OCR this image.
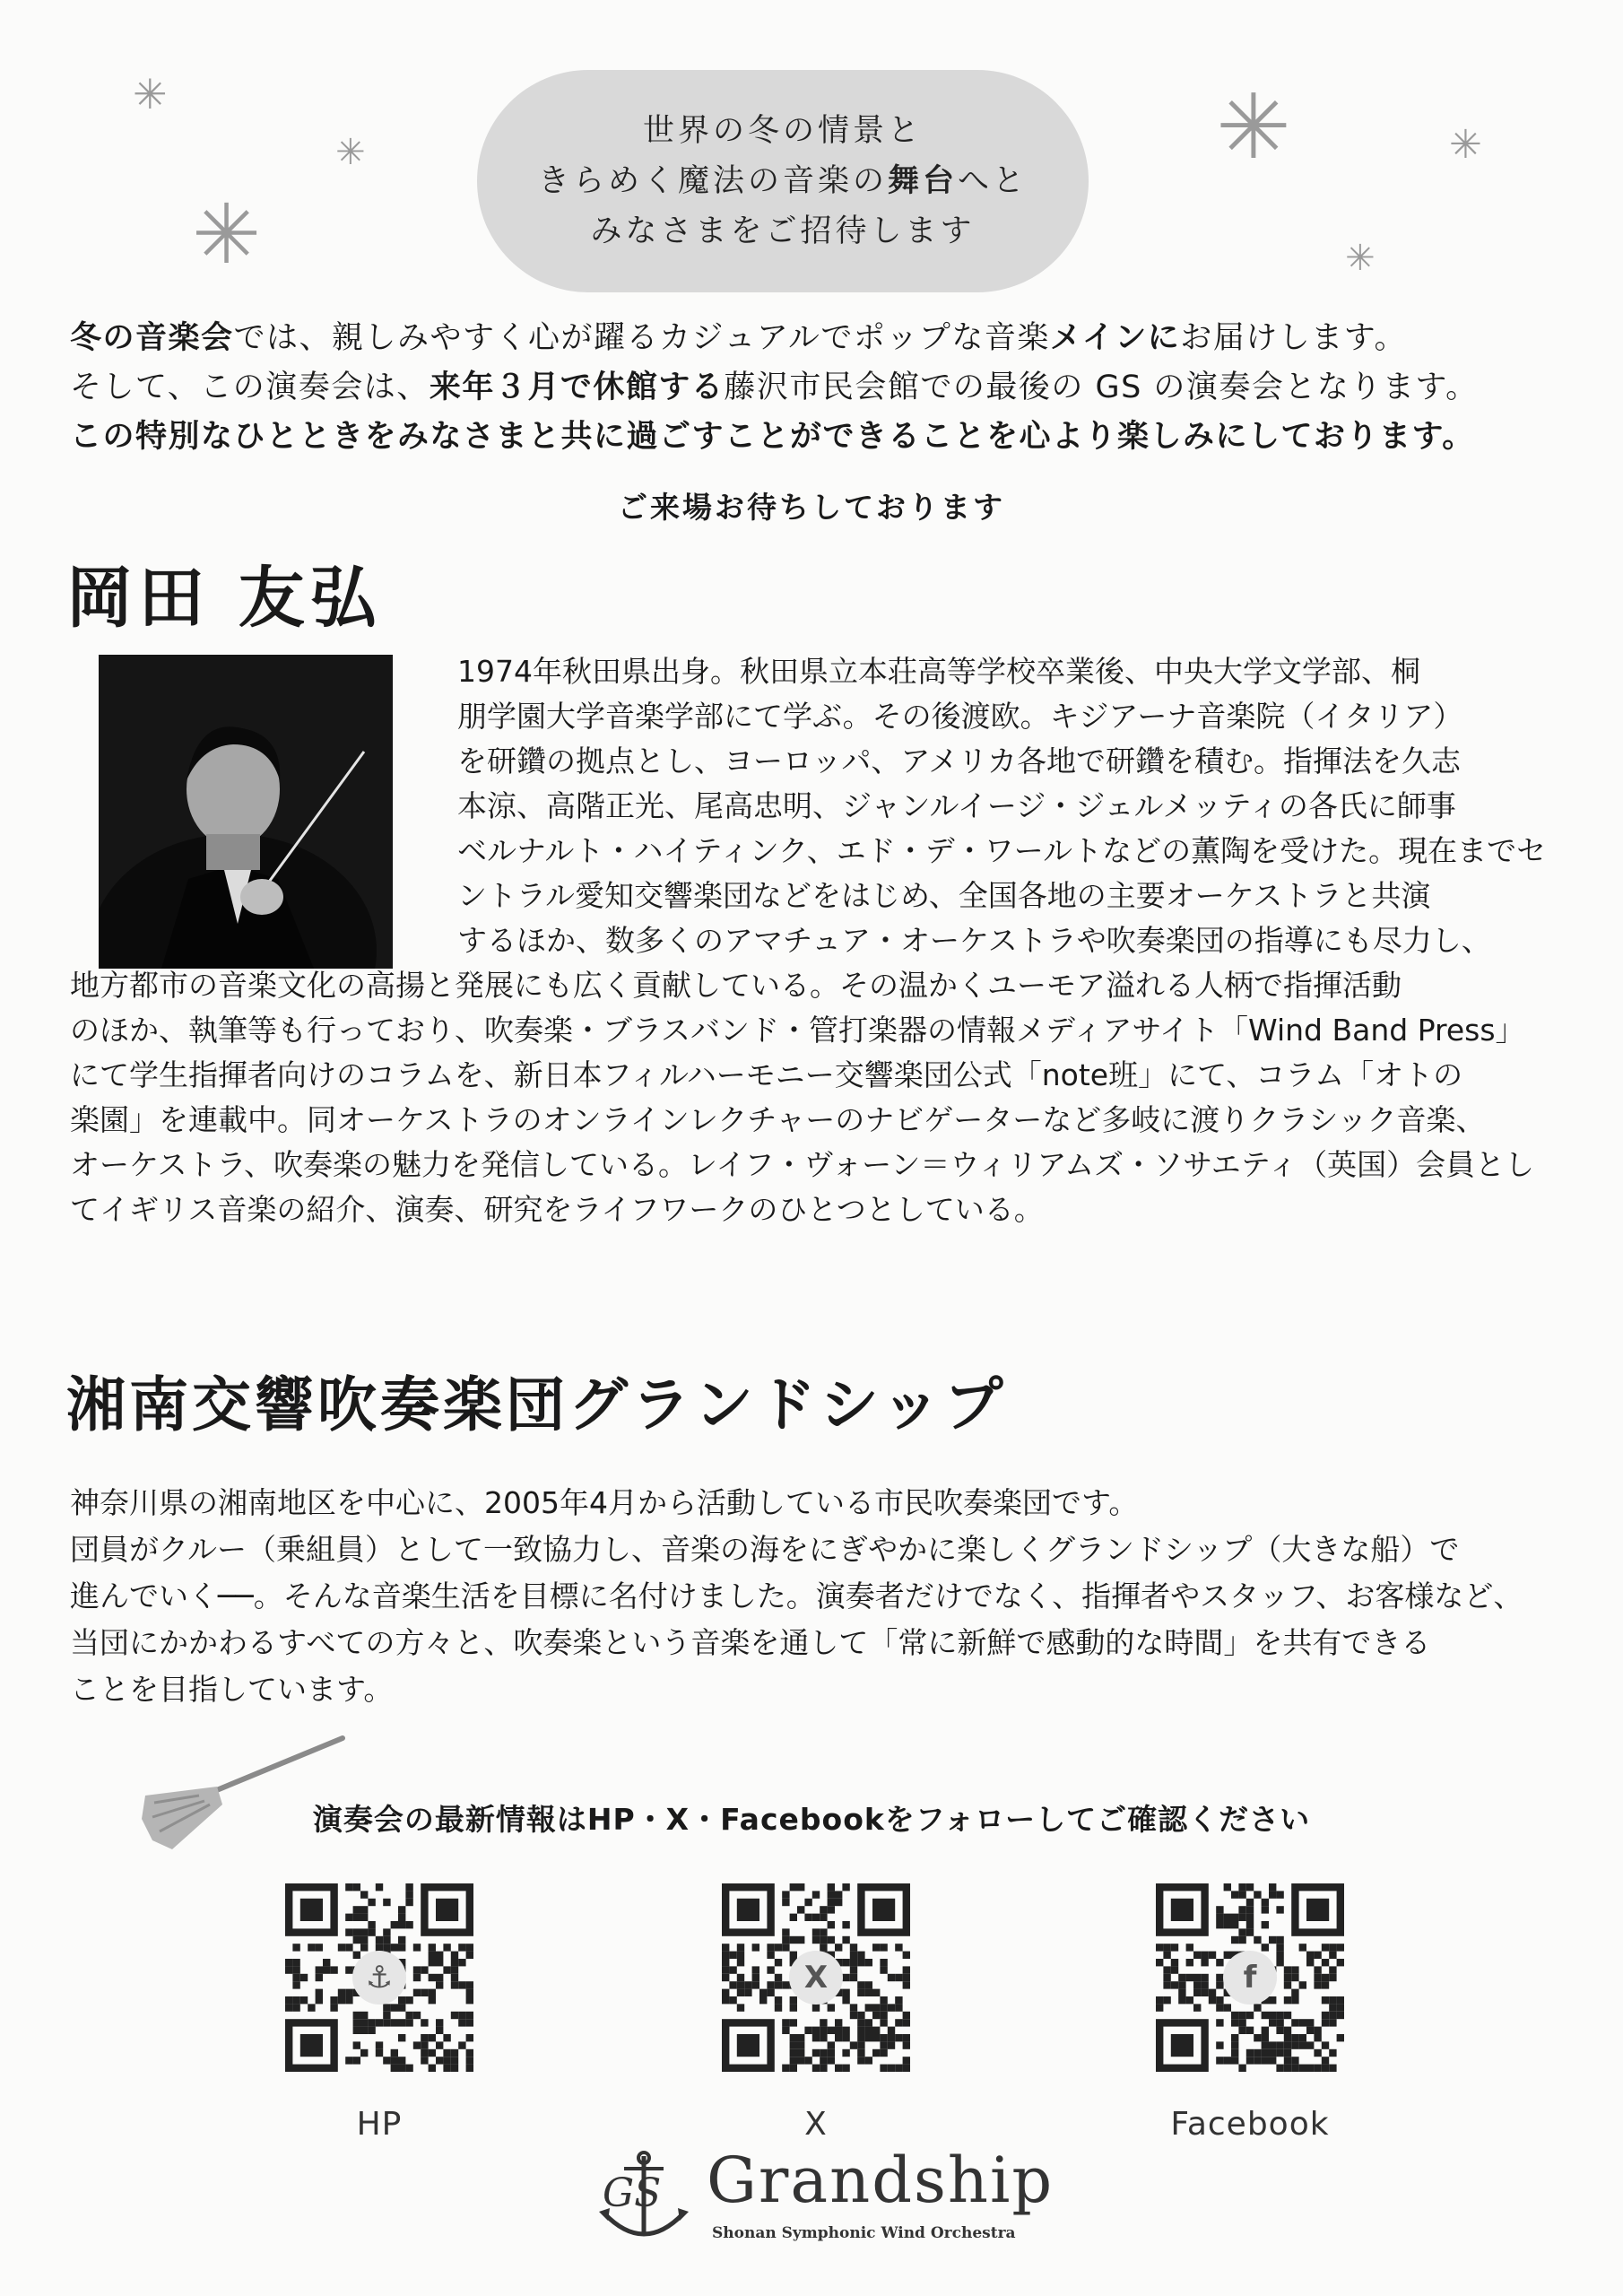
✳
✳
✳
✳	✳
✳
世界の冬の情景と
きらめく魔法の音楽の舞台へと
みなさまをご招待します
冬の音楽会では、親しみやすく心が躍るカジュアルでポップな音楽メインにお届けします。
そして、この演奏会は、来年３月で休館する藤沢市民会館での最後の GS の演奏会となります。
この特別なひとときをみなさまと共に過ごすことができることを心より楽しみにしております。
ご来場お待ちしております
岡田 友弘
1974年秋田県出身。秋田県立本荘高等学校卒業後、中央大学文学部、桐
朋学園大学音楽学部にて学ぶ。その後渡欧。キジアーナ音楽院（イタリア）
を研鑽の拠点とし、ヨーロッパ、アメリカ各地で研鑽を積む。指揮法を久志
本涼、高階正光、尾高忠明、ジャンルイージ・ジェルメッティの各氏に師事
ベルナルト・ハイティンク、エド・デ・ワールトなどの薫陶を受けた。現在までセ
ントラル愛知交響楽団などをはじめ、全国各地の主要オーケストラと共演
するほか、数多くのアマチュア・オーケストラや吹奏楽団の指導にも尽力し、
地方都市の音楽文化の高揚と発展にも広く貢献している。その温かくユーモア溢れる人柄で指揮活動
のほか、執筆等も行っており、吹奏楽・ブラスバンド・管打楽器の情報メディアサイト「Wind Band Press」
にて学生指揮者向けのコラムを、新日本フィルハーモニー交響楽団公式「note班」にて、コラム「オトの
楽園」を連載中。同オーケストラのオンラインレクチャーのナビゲーターなど多岐に渡りクラシック音楽、
オーケストラ、吹奏楽の魅力を発信している。レイフ・ヴォーン＝ウィリアムズ・ソサエティ（英国）会員とし
てイギリス音楽の紹介、演奏、研究をライフワークのひとつとしている。
湘南交響吹奏楽団グランドシップ
神奈川県の湘南地区を中心に、2005年4月から活動している市民吹奏楽団です。
団員がクルー（乗組員）として一致協力し、音楽の海をにぎやかに楽しくグランドシップ（大きな船）で
進んでいく──。そんな音楽生活を目標に名付けました。演奏者だけでなく、指揮者やスタッフ、お客様など、
当団にかかわるすべての方々と、吹奏楽という音楽を通して「常に新鮮で感動的な時間」を共有できる
ことを目指しています。
演奏会の最新情報はHP・X・Facebookをフォローしてご確認ください
⚓
HP
X
X
f
Facebook
GS Grandship
Shonan Symphonic Wind Orchestra
